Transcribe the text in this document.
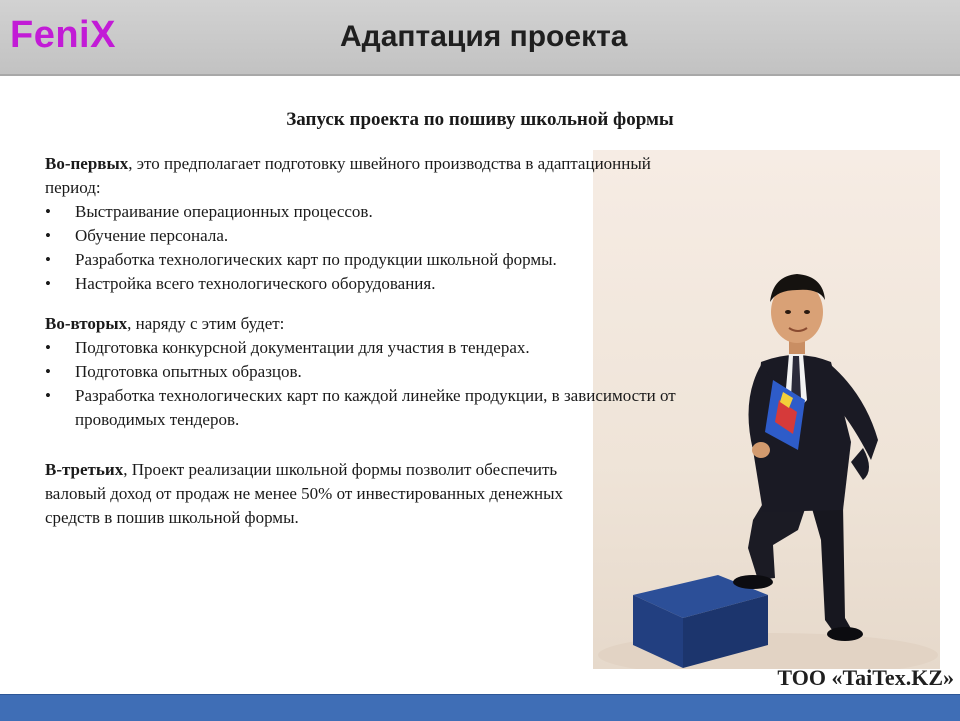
FeniX	Адаптация проекта
Запуск проекта по пошиву школьной формы

Во-первых, это предполагает подготовку швейного производства в адаптационный период:

• Выстраивание операционных процессов.
• Обучение персонала.
• Разработка технологических карт по продукции школьной формы.
• Настройка всего технологического оборудования.

Во-вторых, наряду с этим будет:

• Подготовка конкурсной документации для участия в тендерах.
• Подготовка опытных образцов.
• Разработка технологических карт по каждой линейке продукции, в зависимости от проводимых тендеров.

В-третьих, Проект реализации школьной формы позволит обеспечить валовый доход от продаж не менее 50% от инвестированных денежных средств в пошив школьной формы.

ТОО «TaiTex.KZ»
